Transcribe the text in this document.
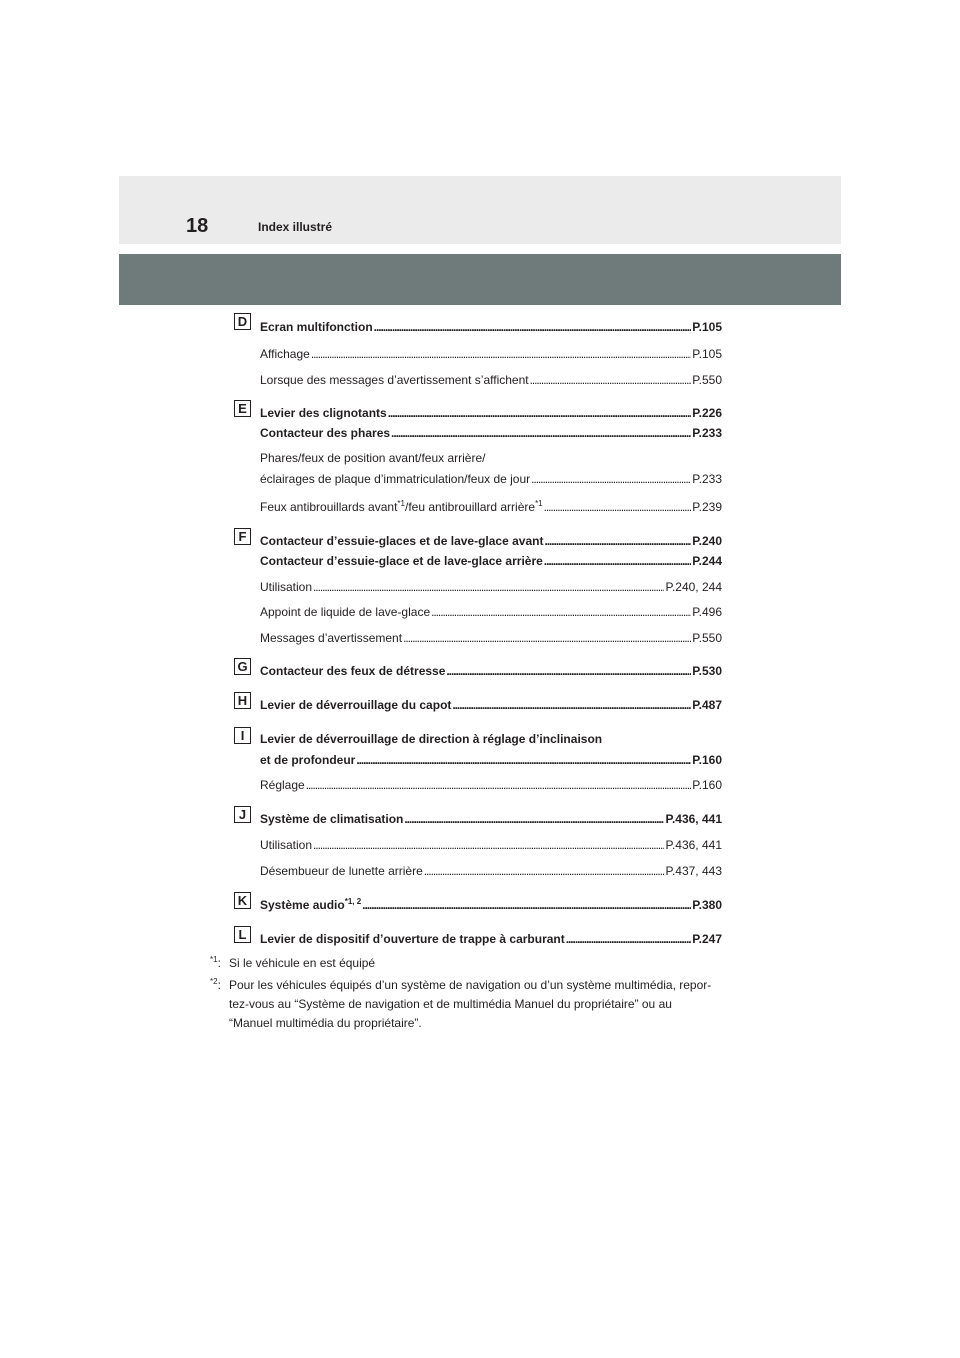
18	Index illustré
D	Ecran multifonction . . .	P.105
Affichage . . .	P.105
Lorsque des messages d’avertissement s’affichent . . .	P.550
E	Levier des clignotants . . .	P.226
Contacteur des phares . . .	P.233
Phares/feux de position avant/feux arrière/
éclairages de plaque d’immatriculation/feux de jour . . .	P.233
Feux antibrouillards avant$^{*1}$/feu antibrouillard arrière$^{*1}$ . . .	P.239
F	Contacteur d’essuie-glaces et de lave-glace avant . . .	P.240
Contacteur d’essuie-glace et de lave-glace arrière . . .	P.244
Utilisation . . .	P.240, 244
Appoint de liquide de lave-glace . . .	P.496
Messages d’avertissement . . .	P.550
G Contacteur des feux de détresse . . .	P.530
H	Levier de déverrouillage du capot . . .	P.487
I	Levier de déverrouillage de direction à réglage d’inclinaison
et de profondeur . . .	P.160
Réglage . . .	P.160
J	Système de climatisation . . .	P.436, 441
Utilisation . . .	P.436, 441
Désembueur de lunette arrière . . .	P.437, 443
K	Système audio$^{*1, 2}$ . . .	P.380
L	Levier de dispositif d’ouverture de trappe à carburant . . .	P.247
$^{*1}$: Si le véhicule en est équipé
$^{*2}$: Pour les véhicules équipés d’un système de navigation ou d’un système multimédia, repor-
tez-vous au “Système de navigation et de multimédia Manuel du propriétaire” ou au
“Manuel multimédia du propriétaire”.
